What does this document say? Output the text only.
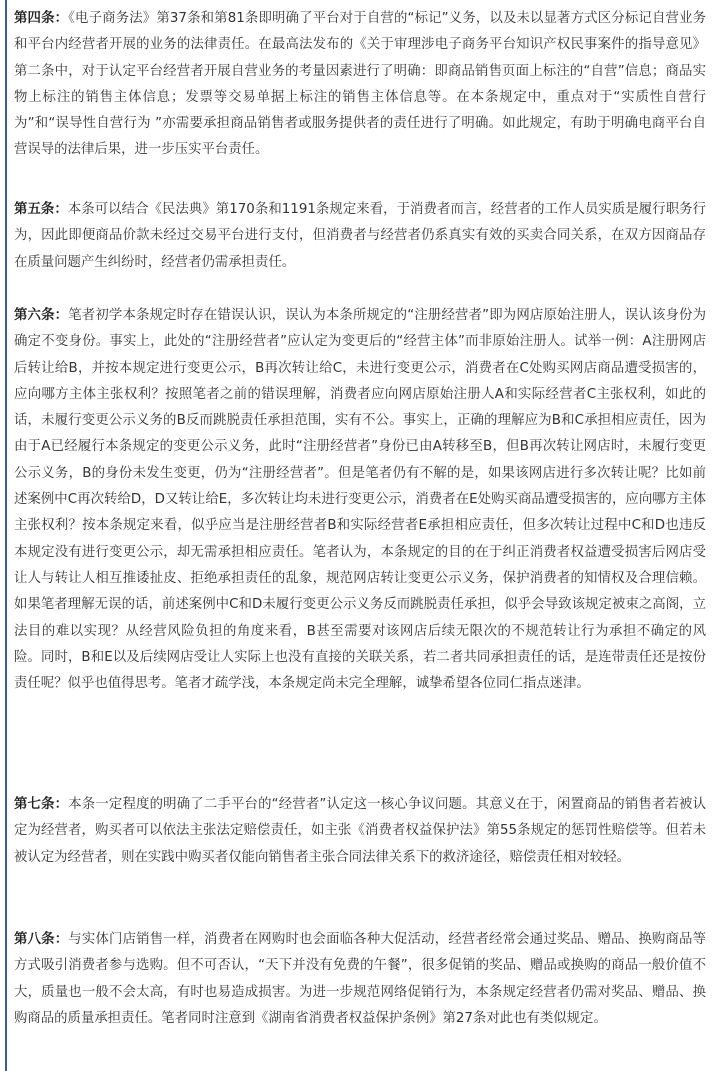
第四条：《电子商务法》第37条和第81条即明确了平台对于自营的“标记”义务，以及未以显著方式区分标记自营业务和平台内经营者开展的业务的法律责任。在最高法发布的《关于审理涉电子商务平台知识产权民事案件的指导意见》第二条中，对于认定平台经营者开展自营业务的考量因素进行了明确：即商品销售页面上标注的“自营”信息；商品实物上标注的销售主体信息；发票等交易单据上标注的销售主体信息等。在本条规定中，重点对于“实质性自营行为”和“误导性自营行为 ”亦需要承担商品销售者或服务提供者的责任进行了明确。如此规定，有助于明确电商平台自营误导的法律后果，进一步压实平台责任。

第五条：本条可以结合《民法典》第170条和1191条规定来看，于消费者而言，经营者的工作人员实质是履行职务行为，因此即便商品价款未经过交易平台进行支付，但消费者与经营者仍系真实有效的买卖合同关系，在双方因商品存在质量问题产生纠纷时，经营者仍需承担责任。

第六条：笔者初学本条规定时存在错误认识，误认为本条所规定的“注册经营者”即为网店原始注册人，误认该身份为确定不变身份。事实上，此处的“注册经营者”应认定为变更后的“经营主体”而非原始注册人。试举一例：A注册网店后转让给B，并按本规定进行变更公示，B再次转让给C，未进行变更公示，消费者在C处购买网店商品遭受损害的，应向哪方主体主张权利？按照笔者之前的错误理解，消费者应向网店原始注册人A和实际经营者C主张权利，如此的话，未履行变更公示义务的B反而跳脱责任承担范围，实有不公。事实上，正确的理解应为B和C承担相应责任，因为由于A已经履行本条规定的变更公示义务，此时“注册经营者”身份已由A转移至B，但B再次转让网店时，未履行变更公示义务，B的身份未发生变更，仍为“注册经营者”。但是笔者仍有不解的是，如果该网店进行多次转让呢？比如前述案例中C再次转给D，D又转让给E，多次转让均未进行变更公示，消费者在E处购买商品遭受损害的，应向哪方主体主张权利？按本条规定来看，似乎应当是注册经营者B和实际经营者E承担相应责任，但多次转让过程中C和D也违反本规定没有进行变更公示，却无需承担相应责任。笔者认为，本条规定的目的在于纠正消费者权益遭受损害后网店受让人与转让人相互推诿扯皮、拒绝承担责任的乱象，规范网店转让变更公示义务，保护消费者的知情权及合理信赖。如果笔者理解无误的话，前述案例中C和D未履行变更公示义务反而跳脱责任承担，似乎会导致该规定被束之高阁，立法目的难以实现？从经营风险负担的角度来看，B甚至需要对该网店后续无限次的不规范转让行为承担不确定的风险。同时，B和E以及后续网店受让人实际上也没有直接的关联关系，若二者共同承担责任的话，是连带责任还是按份责任呢？似乎也值得思考。笔者才疏学浅，本条规定尚未完全理解，诚挚希望各位同仁指点迷津。

第七条：本条一定程度的明确了二手平台的“经营者”认定这一核心争议问题。其意义在于，闲置商品的销售者若被认定为经营者，购买者可以依法主张法定赔偿责任，如主张《消费者权益保护法》第55条规定的惩罚性赔偿等。但若未被认定为经营者，则在实践中购买者仅能向销售者主张合同法律关系下的救济途径，赔偿责任相对较轻。

第八条：与实体门店销售一样，消费者在网购时也会面临各种大促活动，经营者经常会通过奖品、赠品、换购商品等方式吸引消费者参与选购。但不可否认，“天下并没有免费的午餐”，很多促销的奖品、赠品或换购的商品一般价值不大，质量也一般不会太高，有时也易造成损害。为进一步规范网络促销行为，本条规定经营者仍需对奖品、赠品、换购商品的质量承担责任。笔者同时注意到《湖南省消费者权益保护条例》第27条对此也有类似规定。
